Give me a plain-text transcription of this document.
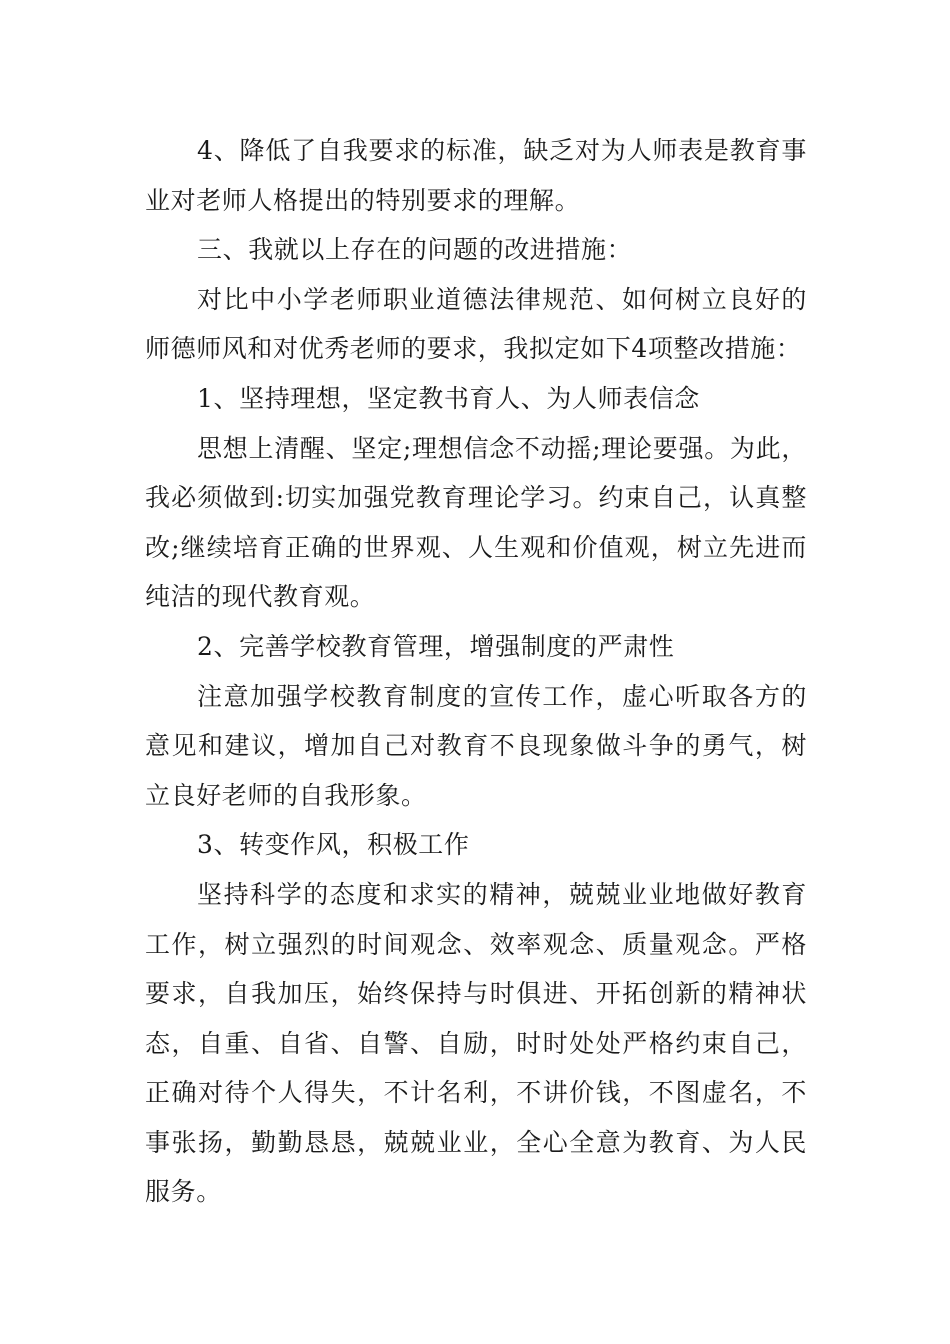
4、降低了自我要求的标准，缺乏对为人师表是教育事业对老师人格提出的特别要求的理解。

三、我就以上存在的问题的改进措施：

对比中小学老师职业道德法律规范、如何树立良好的师德师风和对优秀老师的要求，我拟定如下4项整改措施：

1、坚持理想，坚定教书育人、为人师表信念

思想上清醒、坚定;理想信念不动摇;理论要强。为此，我必须做到:切实加强党教育理论学习。约束自己，认真整改;继续培育正确的世界观、人生观和价值观，树立先进而纯洁的现代教育观。

2、完善学校教育管理，增强制度的严肃性

注意加强学校教育制度的宣传工作，虚心听取各方的意见和建议，增加自己对教育不良现象做斗争的勇气，树立良好老师的自我形象。

3、转变作风，积极工作

坚持科学的态度和求实的精神，兢兢业业地做好教育工作，树立强烈的时间观念、效率观念、质量观念。严格要求，自我加压，始终保持与时俱进、开拓创新的精神状态，自重、自省、自警、自励，时时处处严格约束自己，正确对待个人得失，不计名利，不讲价钱，不图虚名，不事张扬，勤勤恳恳，兢兢业业，全心全意为教育、为人民服务。
